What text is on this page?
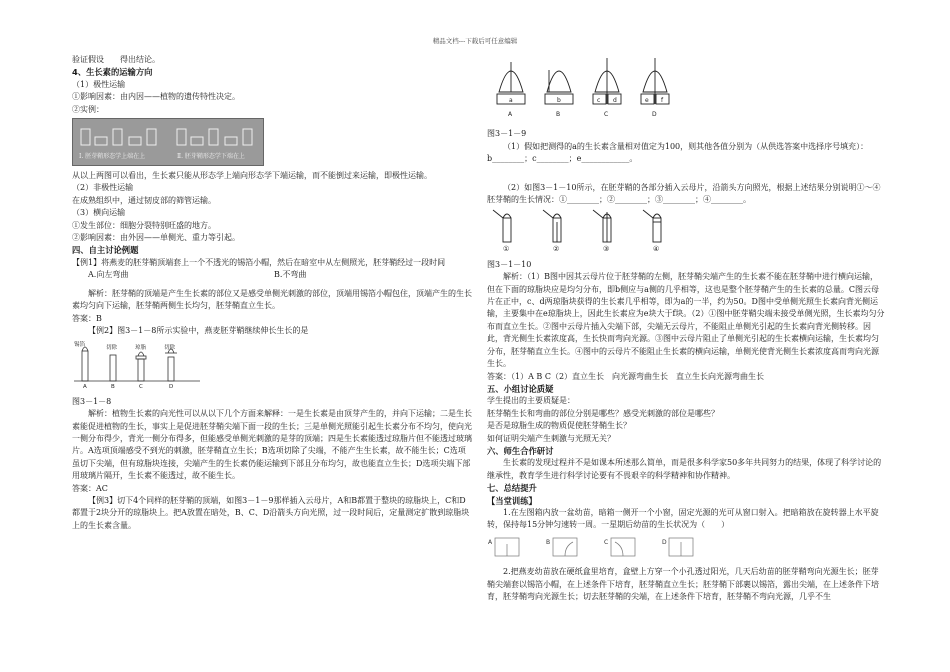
精品文档---下载后可任意编辑

验证假设　　得出结论。

4、生长素的运输方向

（1）极性运输

①影响因素：由内因——植物的遗传特性决定。

②实例：

Ⅰ. 胚芽鞘形态学上端在上	Ⅱ. 胚芽鞘形态学下端在上

从以上两图可以看出，生长素只能从形态学上端向形态学下端运输，而不能倒过来运输，即极性运输。

（2）非极性运输

在成熟组织中，通过韧皮部的筛管运输。

（3）横向运输

①发生部位：细胞分裂特别旺盛的地方。

②影响因素：由外因——单侧光、重力等引起。

四、自主讨论例题

【例1】将燕麦的胚芽鞘顶端套上一个不透光的锡箔小帽，然后在暗室中从左侧照光，胚芽鞘经过一段时间

A.向左弯曲	B.不弯曲

解析：胚芽鞘的顶端是产生生长素的部位又是感受单侧光刺激的部位，顶端用锡箔小帽包住，顶端产生的生长素均匀向下运输，胚芽鞘两侧生长均匀，胚芽鞘直立生长。

答案：B

【例2】图3－1－8所示实验中，燕麦胚芽鞘继续伸长生长的是

锡箔	切除	琼脂	切除
A	B	C	D

图3－1－8

解析：植物生长素的向光性可以从以下几个方面来解释：一是生长素是由顶芽产生的，并向下运输；二是生长素能促进植物的生长，事实上是促进胚芽鞘尖端下面一段的生长；三是单侧光照能引起生长素分布不均匀，使向光一侧分布得少，背光一侧分布得多，但能感受单侧光刺激的是芽的顶端；四是生长素能透过琼脂片但不能透过玻璃片。A选项顶端感受不到光的刺激，胚芽鞘直立生长；B选项切除了尖端，不能产生生长素，故不能生长；C选项虽切下尖端，但有琼脂块连接，尖端产生的生长素仍能运输到下部且分布均匀，故也能直立生长；D选项尖端下部用玻璃片隔开，生长素不能透过，故不能生长。

答案：AC

【例3】切下4个同样的胚芽鞘的顶端，如图3－1－9那样插入云母片，A和B都置于整块的琼脂块上，C和D都置于2块分开的琼脂块上。把A放置在暗处，B、C、D沿箭头方向光照，过一段时间后，定量测定扩散到琼脂块上的生长素含量。

a	b	c d	e f
A	B	C	D

图3－1－9

（1）假如把测得的a的生长素含量相对值定为100，则其他各值分别为（从供选答案中选择序号填充）：

b________；c________；e____________。

（2）如图3－1－10所示，在胚芽鞘的各部分插入云母片，沿箭头方向照光，根据上述结果分别说明①～④胚芽鞘的生长情况：①________；②________；③________；④________。

①	②	③	④

图3－1－10

解析：（1）B图中因其云母片位于胚芽鞘的左侧，胚芽鞘尖端产生的生长素不能在胚芽鞘中进行横向运输，但在下面的琼脂块应是均匀分布，即b侧应与a侧的几乎相等，这也是整个胚芽鞘产生的生长素的总量。C图云母片在正中，c、d两琼脂块获得的生长素几乎相等，即为a的一半，约为50。D图中受单侧光照生长素向背光侧运输，主要集中在e琼脂块上，因此生长素应为e块大于f块。（2）①图中胚芽鞘尖端未接受单侧光照，生长素均匀分布而直立生长。②图中云母片插入尖端下部，尖端无云母片，不能阻止单侧光引起的生长素向背光侧转移。因此，背光侧生长素浓度高，生长快而弯向光源。③图中云母片阻止了单侧光引起的生长素横向运输，生长素均匀分布，胚芽鞘直立生长。④图中的云母片不能阻止生长素的横向运输，单侧光使背光侧生长素浓度高而弯向光源生长。

答案：（1）A B C（2）直立生长　向光源弯曲生长　直立生长向光源弯曲生长

五、小组讨论质疑

学生提出的主要质疑是：

胚芽鞘生长和弯曲的部位分别是哪些？感受光刺激的部位是哪些？

是否是琼脂生成的物质促使胚芽鞘生长？

如何证明尖端产生刺激与光照无关？

六、师生合作研讨

生长素的发现过程并不是如课本所述那么简单，而是很多科学家50多年共同努力的结果，体现了科学讨论的继承性，教育学生进行科学讨论要有不畏艰辛的科学精神和协作精神。

七、总结提升

【当堂训练】

1.在左图箱内放一盆幼苗，暗箱一侧开一个小窗，固定光源的光可从窗口射入。把暗箱放在旋转器上水平旋转，保持每15分钟匀速转一周。一星期后幼苗的生长状况为（　　）

A	B	C	D

2.把燕麦幼苗放在硬纸盒里培育，盒壁上方穿一个小孔透过阳光，几天后幼苗的胚芽鞘弯向光源生长；胚芽鞘尖端套以锡箔小帽，在上述条件下培育，胚芽鞘直立生长；胚芽鞘下部裹以锡箔，露出尖端，在上述条件下培育，胚芽鞘弯向光源生长；切去胚芽鞘的尖端，在上述条件下培育，胚芽鞘不弯向光源，几乎不生
